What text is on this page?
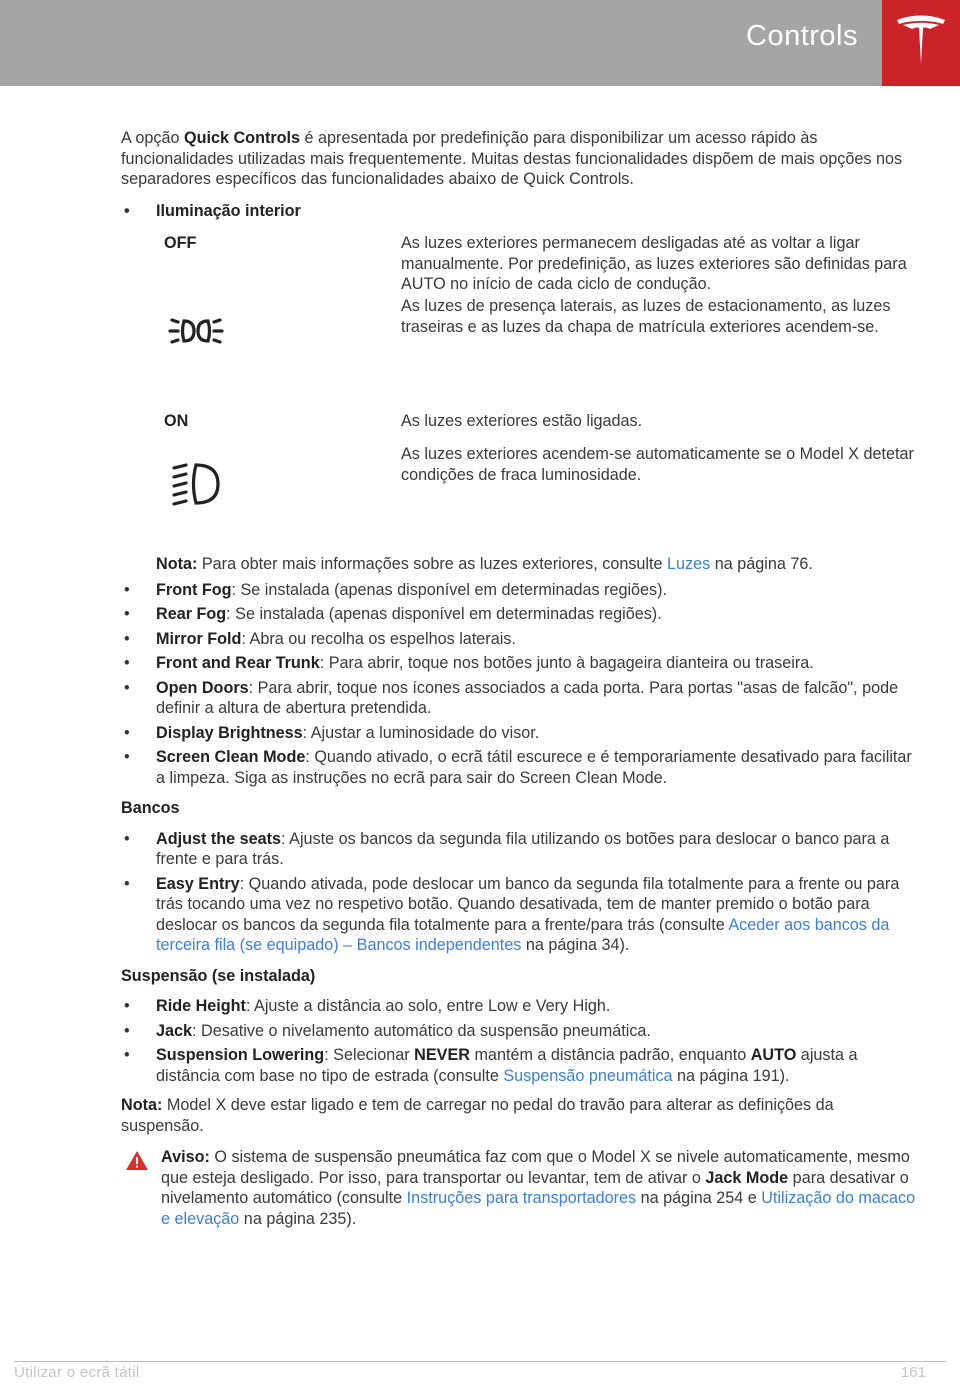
Controls

A opção Quick Controls é apresentada por predefinição para disponibilizar um acesso rápido às funcionalidades utilizadas mais frequentemente. Muitas destas funcionalidades dispõem de mais opções nos separadores específicos das funcionalidades abaixo de Quick Controls.

• Iluminação interior
OFF	As luzes exteriores permanecem desligadas até as voltar a ligar manualmente. Por predefinição, as luzes exteriores são definidas para AUTO no início de cada ciclo de condução.
As luzes de presença laterais, as luzes de estacionamento, as luzes traseiras e as luzes da chapa de matrícula exteriores acendem-se.
ON	As luzes exteriores estão ligadas.
As luzes exteriores acendem-se automaticamente se o Model X detetar condições de fraca luminosidade.

Nota: Para obter mais informações sobre as luzes exteriores, consulte Luzes na página 76.

• Front Fog: Se instalada (apenas disponível em determinadas regiões).
• Rear Fog: Se instalada (apenas disponível em determinadas regiões).
• Mirror Fold: Abra ou recolha os espelhos laterais.
• Front and Rear Trunk: Para abrir, toque nos botões junto à bagageira dianteira ou traseira.
• Open Doors: Para abrir, toque nos ícones associados a cada porta. Para portas "asas de falcão", pode definir a altura de abertura pretendida.
• Display Brightness: Ajustar a luminosidade do visor.
• Screen Clean Mode: Quando ativado, o ecrã tátil escurece e é temporariamente desativado para facilitar a limpeza. Siga as instruções no ecrã para sair do Screen Clean Mode.
Bancos
• Adjust the seats: Ajuste os bancos da segunda fila utilizando os botões para deslocar o banco para a frente e para trás.
• Easy Entry: Quando ativada, pode deslocar um banco da segunda fila totalmente para a frente ou para trás tocando uma vez no respetivo botão. Quando desativada, tem de manter premido o botão para deslocar os bancos da segunda fila totalmente para a frente/para trás (consulte Aceder aos bancos da terceira fila (se equipado) – Bancos independentes na página 34).
Suspensão (se instalada)
• Ride Height: Ajuste a distância ao solo, entre Low e Very High.
• Jack: Desative o nivelamento automático da suspensão pneumática.
• Suspension Lowering: Selecionar NEVER mantém a distância padrão, enquanto AUTO ajusta a distância com base no tipo de estrada (consulte Suspensão pneumática na página 191).

Nota: Model X deve estar ligado e tem de carregar no pedal do travão para alterar as definições da suspensão.

Aviso: O sistema de suspensão pneumática faz com que o Model X se nivele automaticamente, mesmo que esteja desligado. Por isso, para transportar ou levantar, tem de ativar o Jack Mode para desativar o nivelamento automático (consulte Instruções para transportadores na página 254 e Utilização do macaco e elevação na página 235).
Utilizar o ecrã tátil	161
